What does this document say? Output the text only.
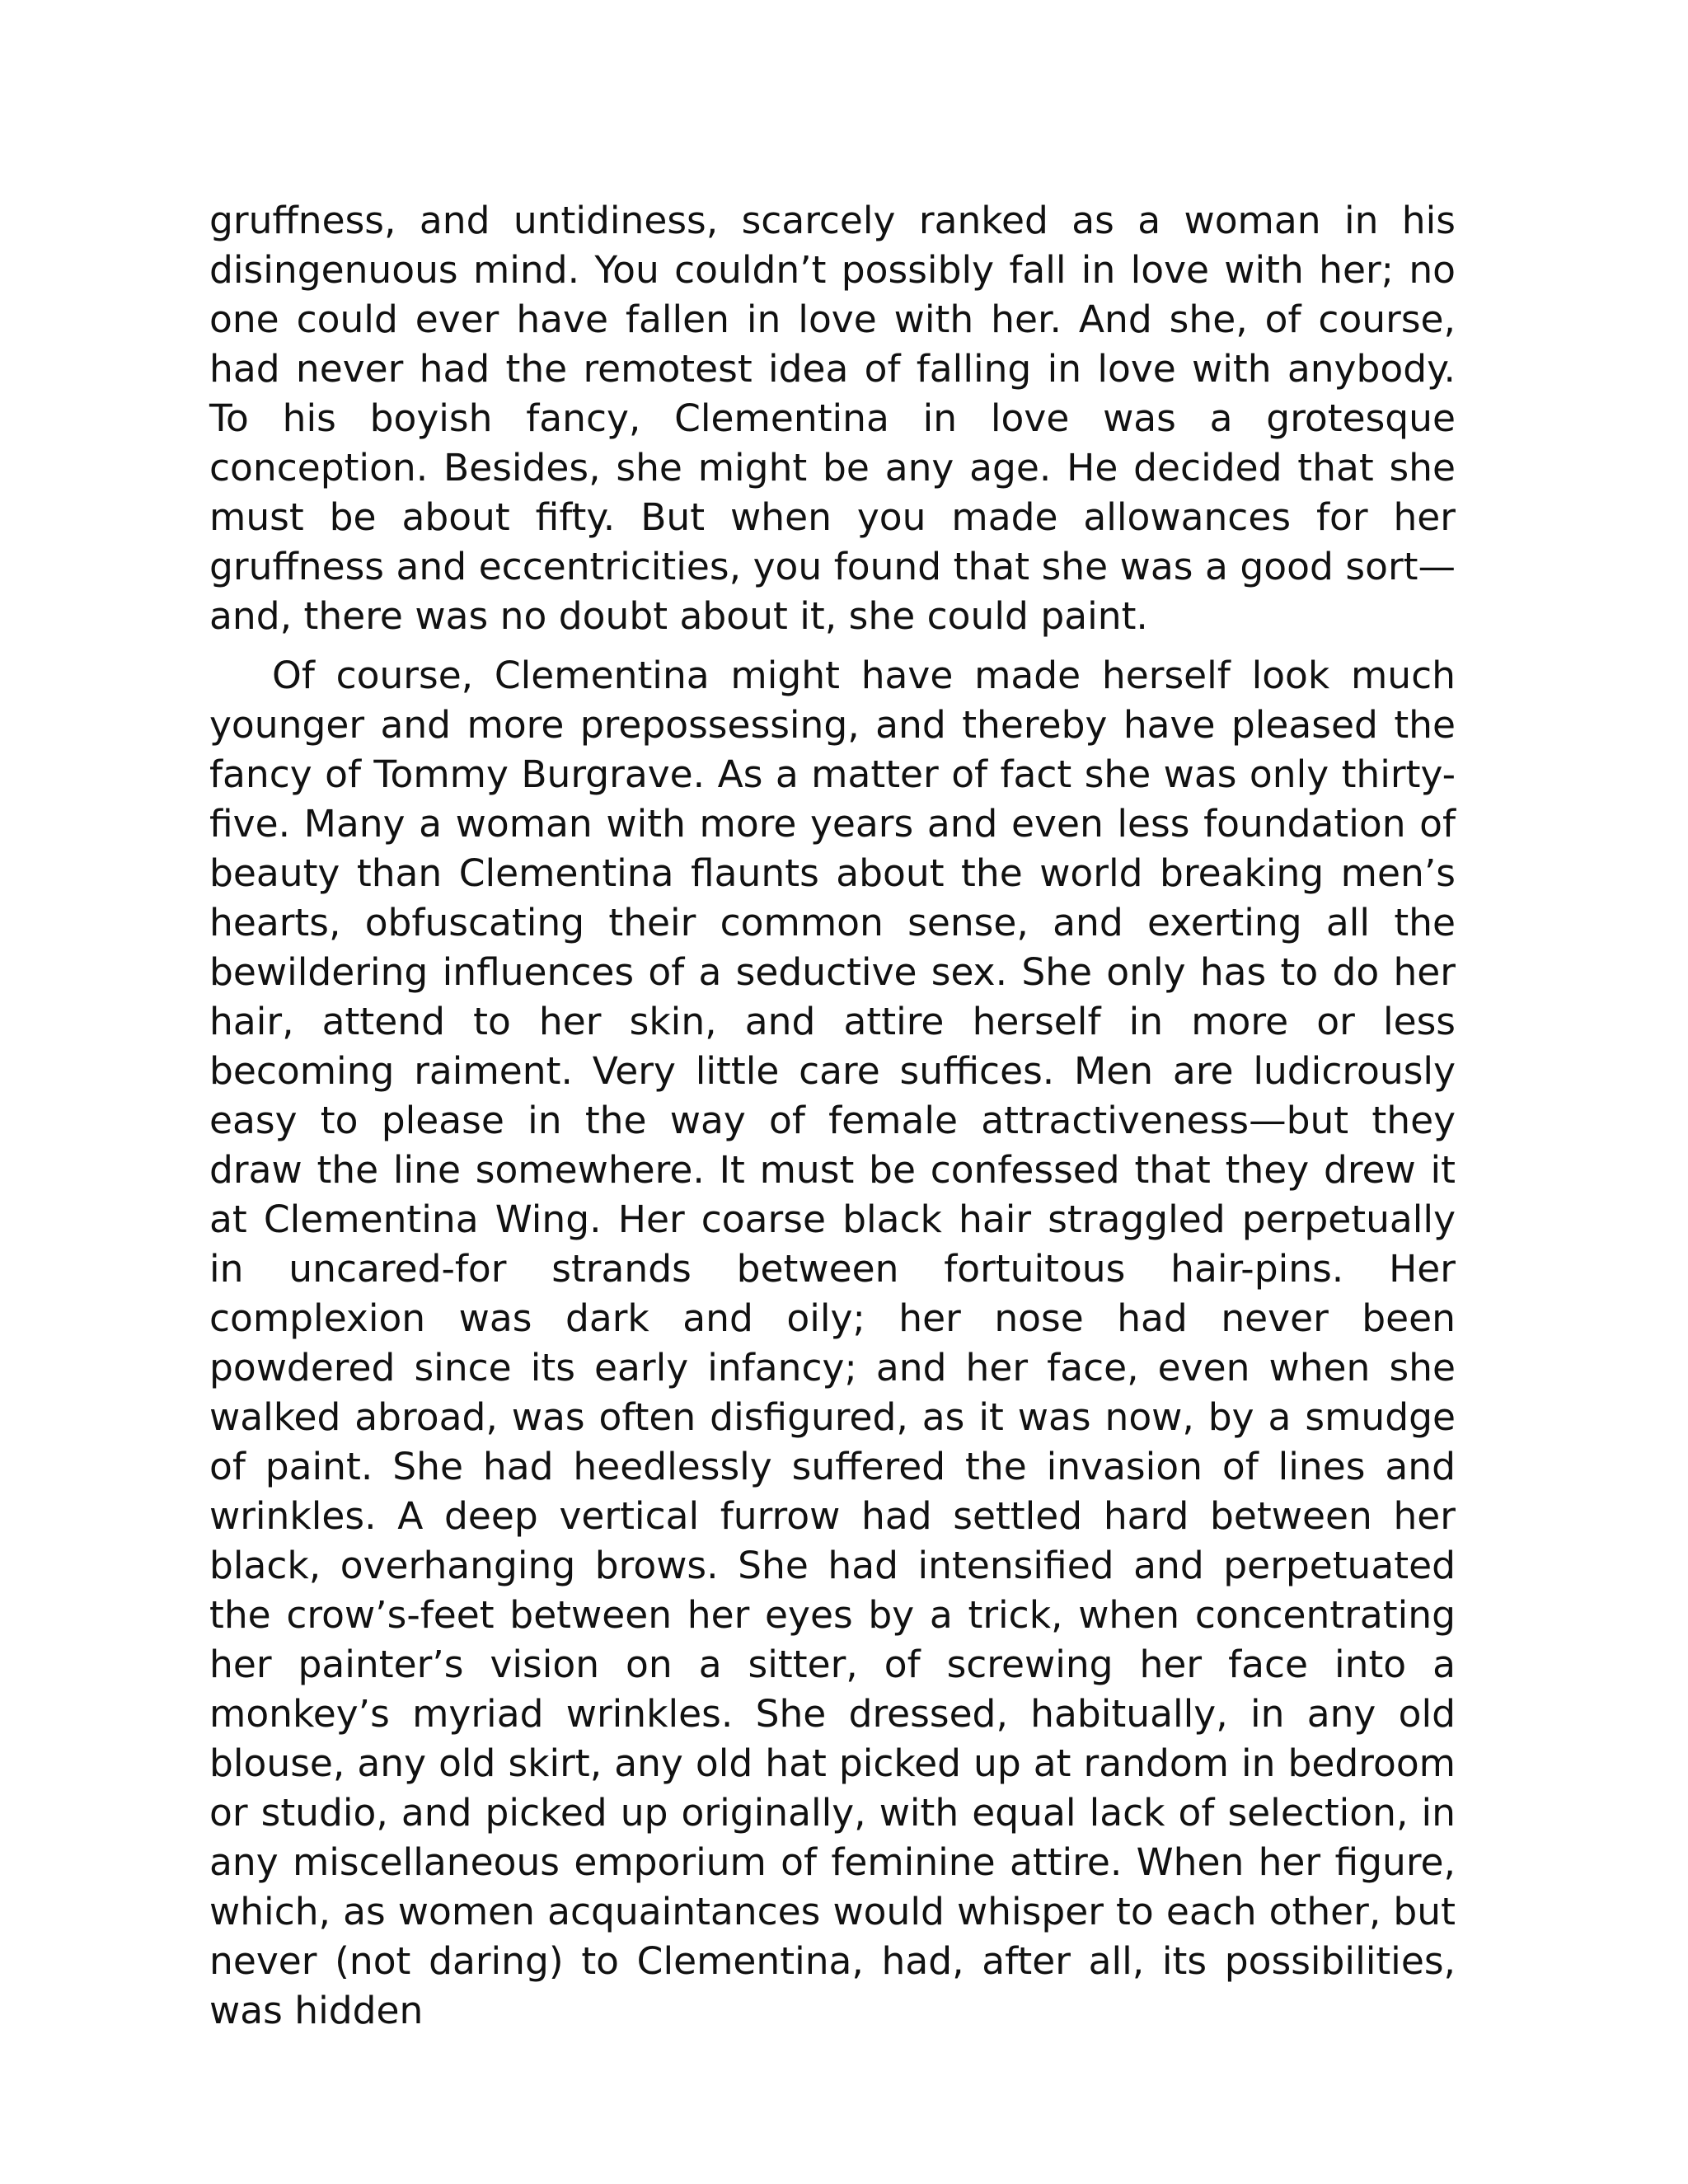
gruffness, and untidiness, scarcely ranked as a woman in his disingenuous mind. You couldn’t possibly fall in love with her; no one could ever have fallen in love with her. And she, of course, had never had the remotest idea of falling in love with anybody. To his boyish fancy, Clementina in love was a grotesque conception. Besides, she might be any age. He decided that she must be about fifty. But when you made allowances for her gruffness and eccentricities, you found that she was a good sort—and, there was no doubt about it, she could paint.

Of course, Clementina might have made herself look much younger and more prepossessing, and thereby have pleased the fancy of Tommy Burgrave. As a matter of fact she was only thirty-five. Many a woman with more years and even less foundation of beauty than Clementina flaunts about the world breaking men’s hearts, obfuscating their common sense, and exerting all the bewildering influences of a seductive sex. She only has to do her hair, attend to her skin, and attire herself in more or less becoming raiment. Very little care suffices. Men are ludicrously easy to please in the way of female attractiveness—but they draw the line somewhere. It must be confessed that they drew it at Clementina Wing. Her coarse black hair straggled perpetually in uncared-for strands between fortuitous hair-pins. Her complexion was dark and oily; her nose had never been powdered since its early infancy; and her face, even when she walked abroad, was often disfigured, as it was now, by a smudge of paint. She had heedlessly suffered the invasion of lines and wrinkles. A deep vertical furrow had settled hard between her black, overhanging brows. She had intensified and perpetuated the crow’s-feet between her eyes by a trick, when concentrating her painter’s vision on a sitter, of screwing her face into a monkey’s myriad wrinkles. She dressed, habitually, in any old blouse, any old skirt, any old hat picked up at random in bedroom or studio, and picked up originally, with equal lack of selection, in any miscellaneous emporium of feminine attire. When her figure, which, as women acquaintances would whisper to each other, but never (not daring) to Clementina, had, after all, its possibilities, was hidden
